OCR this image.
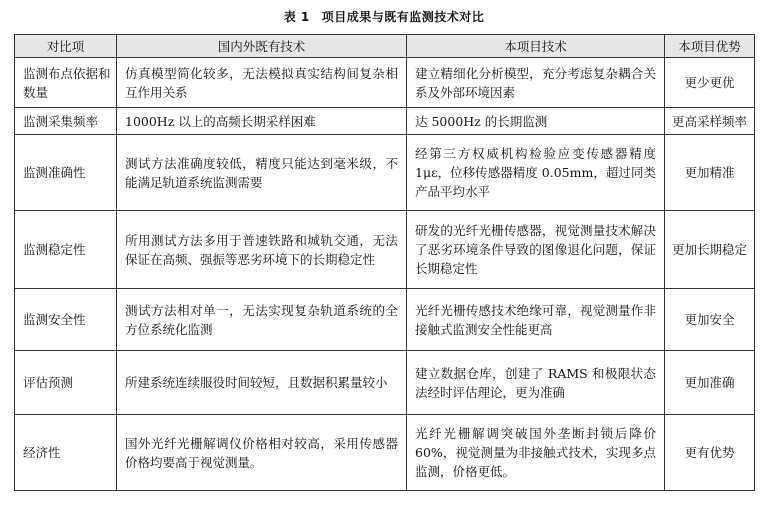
表 1 项目成果与既有监测技术对比
对比项	国内外既有技术	本项目技术	本项目优势
监测布点依据和数量	仿真模型简化较多，无法模拟真实结构间复杂相互作用关系	建立精细化分析模型，充分考虑复杂耦合关系及外部环境因素	更少更优
监测采集频率	1000Hz 以上的高频长期采样困难	达 5000Hz 的长期监测	更高采样频率
监测准确性	测试方法准确度较低，精度只能达到毫米级，不能满足轨道系统监测需要	经第三方权威机构检验应变传感器精度 1με，位移传感器精度 0.05mm，超过同类产品平均水平	更加精准
监测稳定性	所用测试方法多用于普速铁路和城轨交通，无法保证在高频、强振等恶劣环境下的长期稳定性	研发的光纤光栅传感器，视觉测量技术解决了恶劣环境条件导致的图像退化问题，保证长期稳定性	更加长期稳定
监测安全性	测试方法相对单一，无法实现复杂轨道系统的全方位系统化监测	光纤光栅传感技术绝缘可靠，视觉测量作非接触式监测安全性能更高	更加安全
评估预测	所建系统连续服役时间较短，且数据积累量较小	建立数据仓库，创建了 RAMS 和极限状态法经时评估理论，更为准确	更加准确
经济性	国外光纤光栅解调仪价格相对较高，采用传感器价格均要高于视觉测量。	光纤光栅解调突破国外垄断封锁后降价 60%，视觉测量为非接触式技术，实现多点监测，价格更低。	更有优势
